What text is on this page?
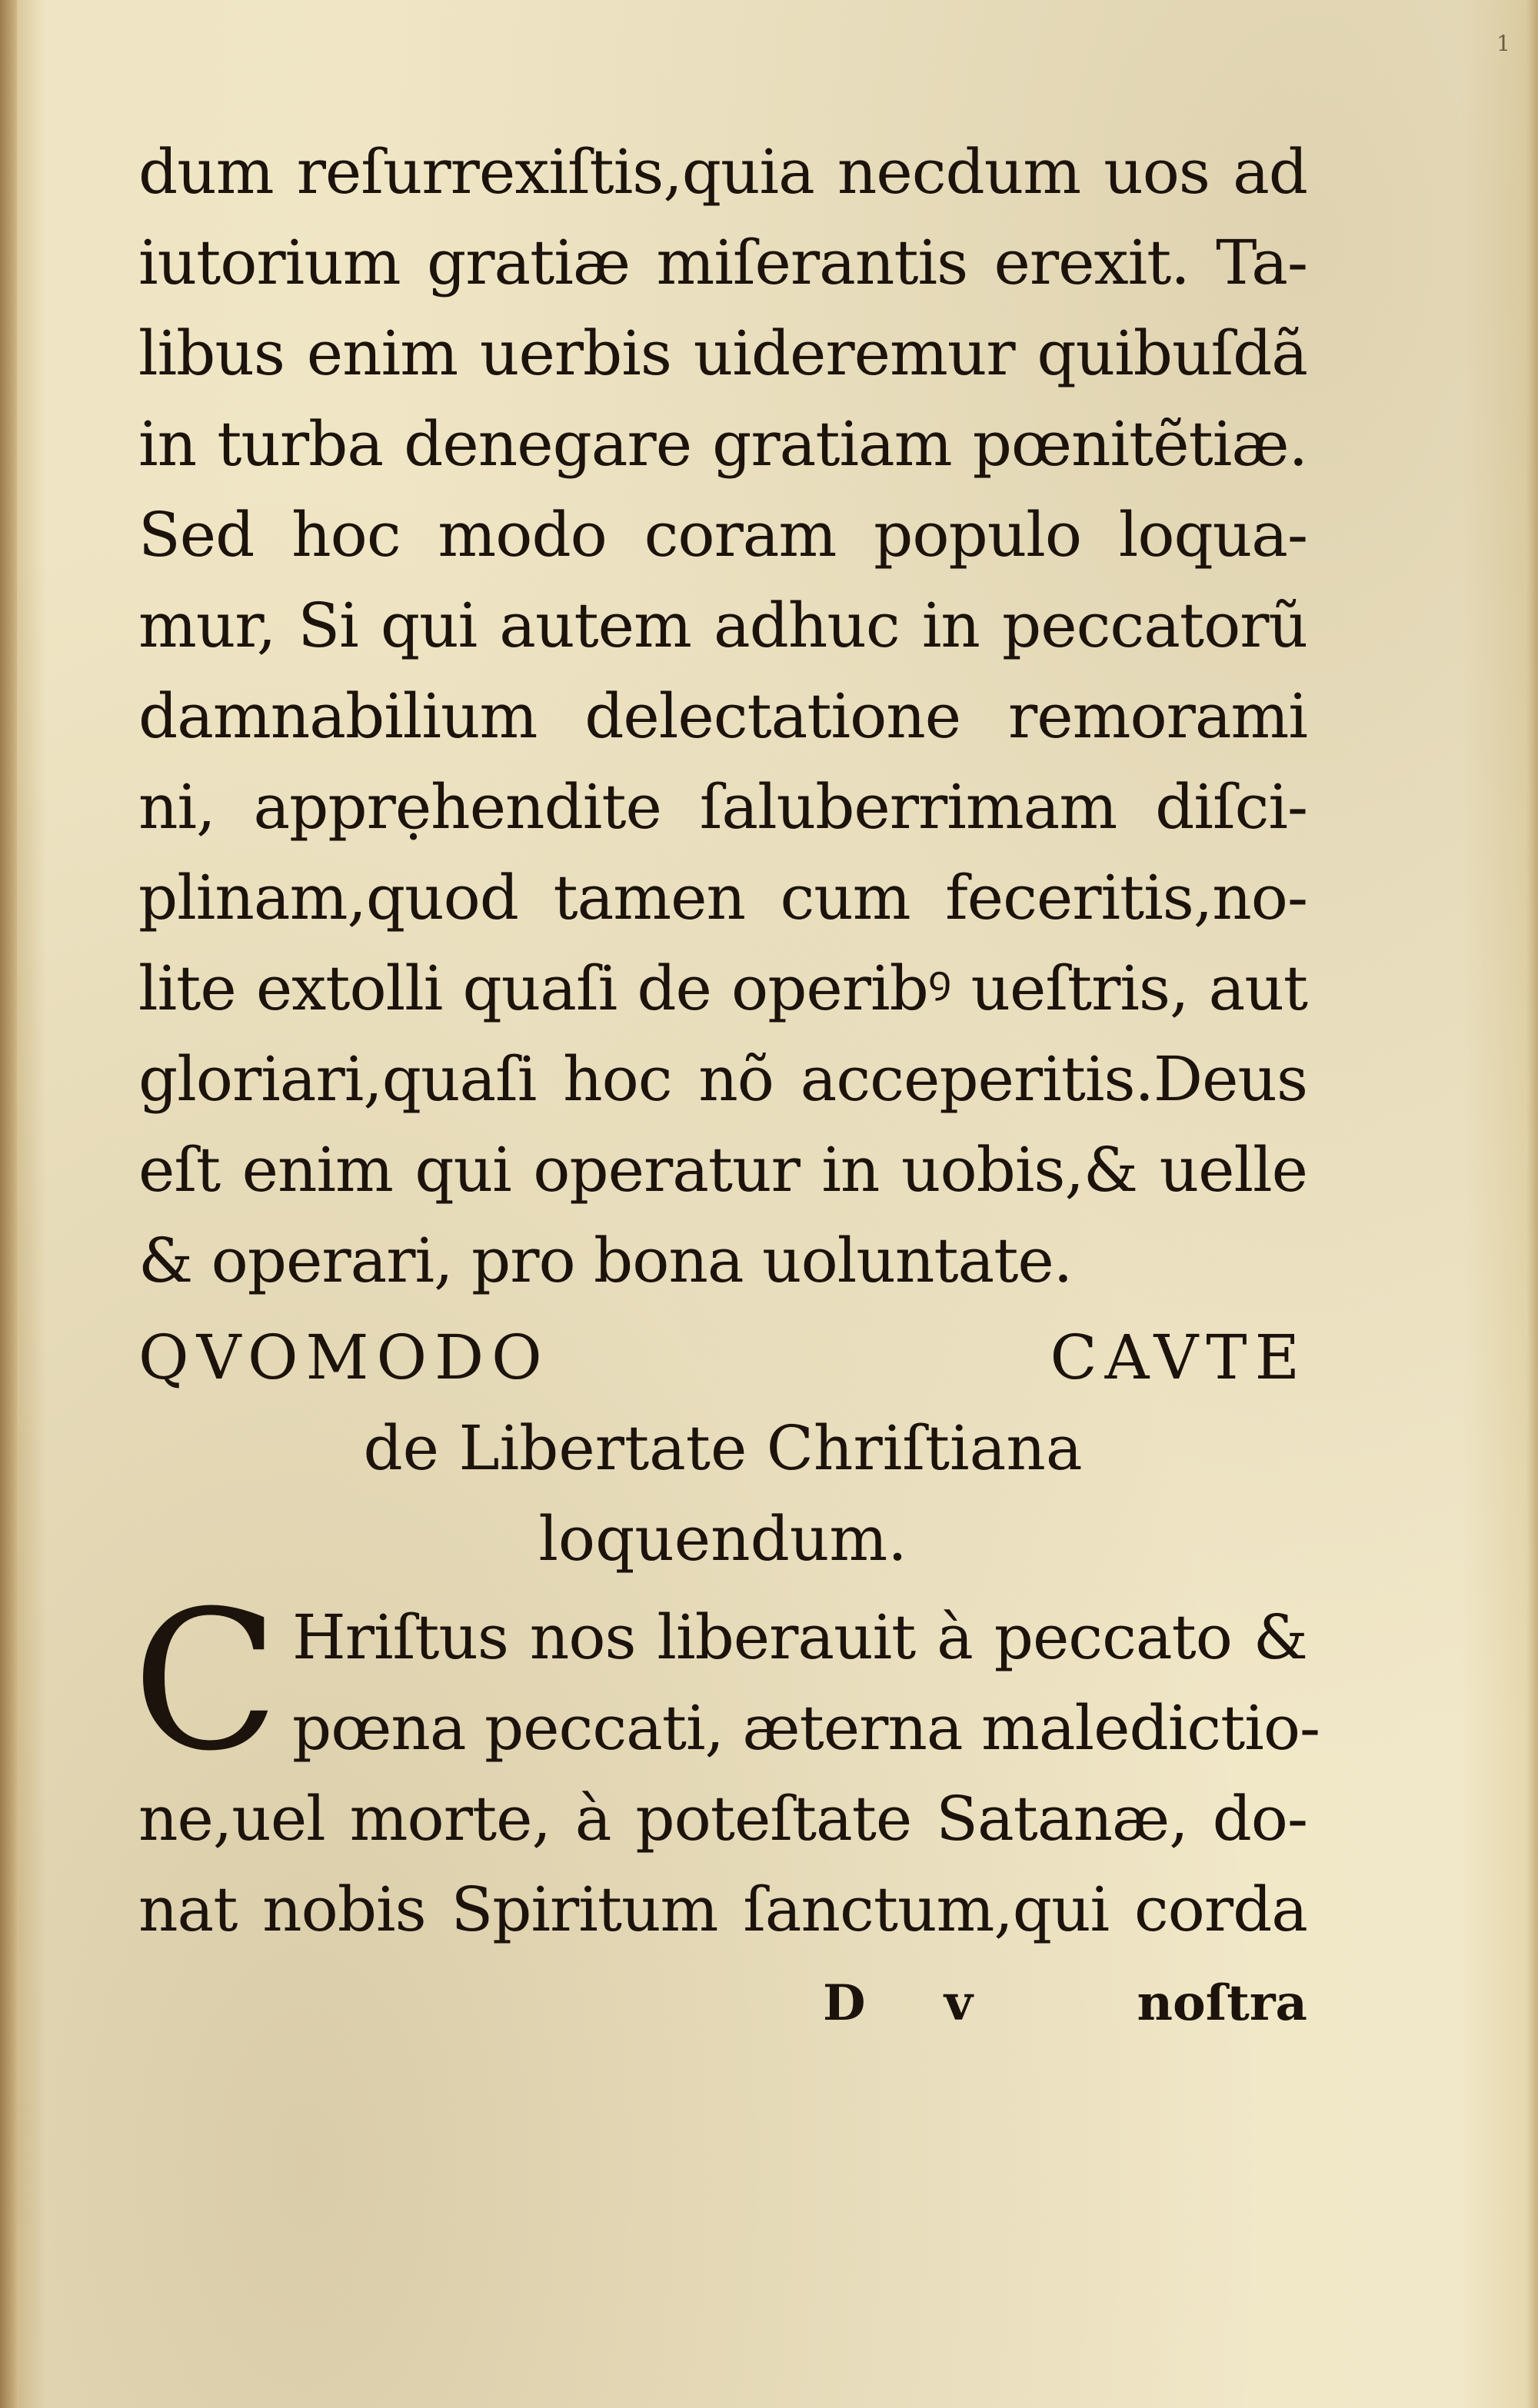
1
dum reſurrexiſtis,quia necdum uos ad
iutorium gratiæ miſerantis erexit. Ta-
libus enim uerbis uideremur quibuſdã
in turba denegare gratiam pœnitẽtiæ.
Sed hoc modo coram populo loqua-
mur, Si qui autem adhuc in peccatorũ
damnabilium delectatione remorami
ni, apprẹhendite ſaluberrimam diſci-
plinam,quod tamen cum feceritis,no-
lite extolli quaſi de operibꝰ ueſtris, aut
gloriari,quaſi hoc nõ acceperitis.Deus
eſt enim qui operatur in uobis,& uelle
& operari, pro bona uoluntate.
QVOMODO CAVTE
de Libertate Chriſtiana
loquendum.
C Hriſtus nos liberauit à peccato &
pœna peccati, æterna maledictio-
ne,uel morte, à poteſtate Satanæ, do-
nat nobis Spiritum ſanctum,qui corda
D v	noſtra
